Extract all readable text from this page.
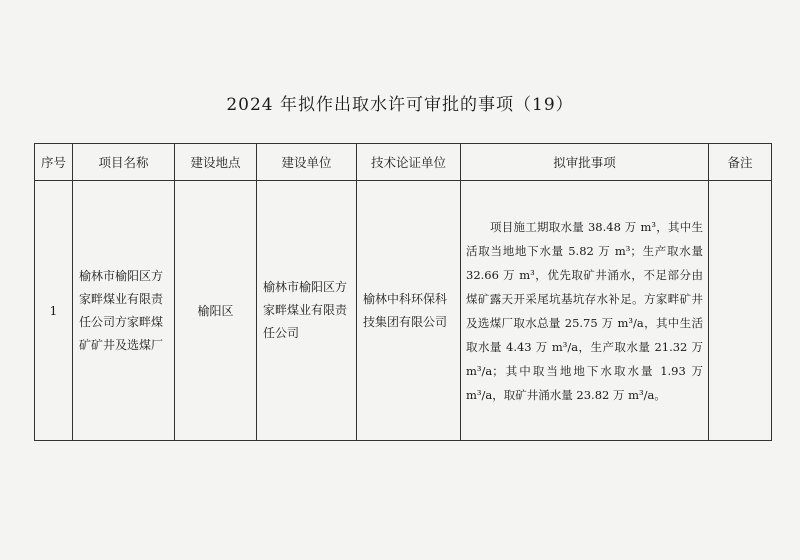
2024 年拟作出取水许可审批的事项（19）
序号	项目名称	建设地点	建设单位	技术论证单位	拟审批事项	备注
1	榆林市榆阳区方家畔煤业有限责任公司方家畔煤矿矿井及选煤厂	榆阳区	榆林市榆阳区方家畔煤业有限责任公司	榆林中科环保科技集团有限公司	项目施工期取水量 38.48 万 m³，其中生活取当地地下水量 5.82 万 m³；生产取水量 32.66 万 m³，优先取矿井涌水，不足部分由煤矿露天开采尾坑基坑存水补足。方家畔矿井及选煤厂取水总量 25.75 万 m³/a，其中生活取水量 4.43 万 m³/a，生产取水量 21.32 万 m³/a；其中取当地地下水取水量 1.93 万 m³/a，取矿井涌水量 23.82 万 m³/a。	
